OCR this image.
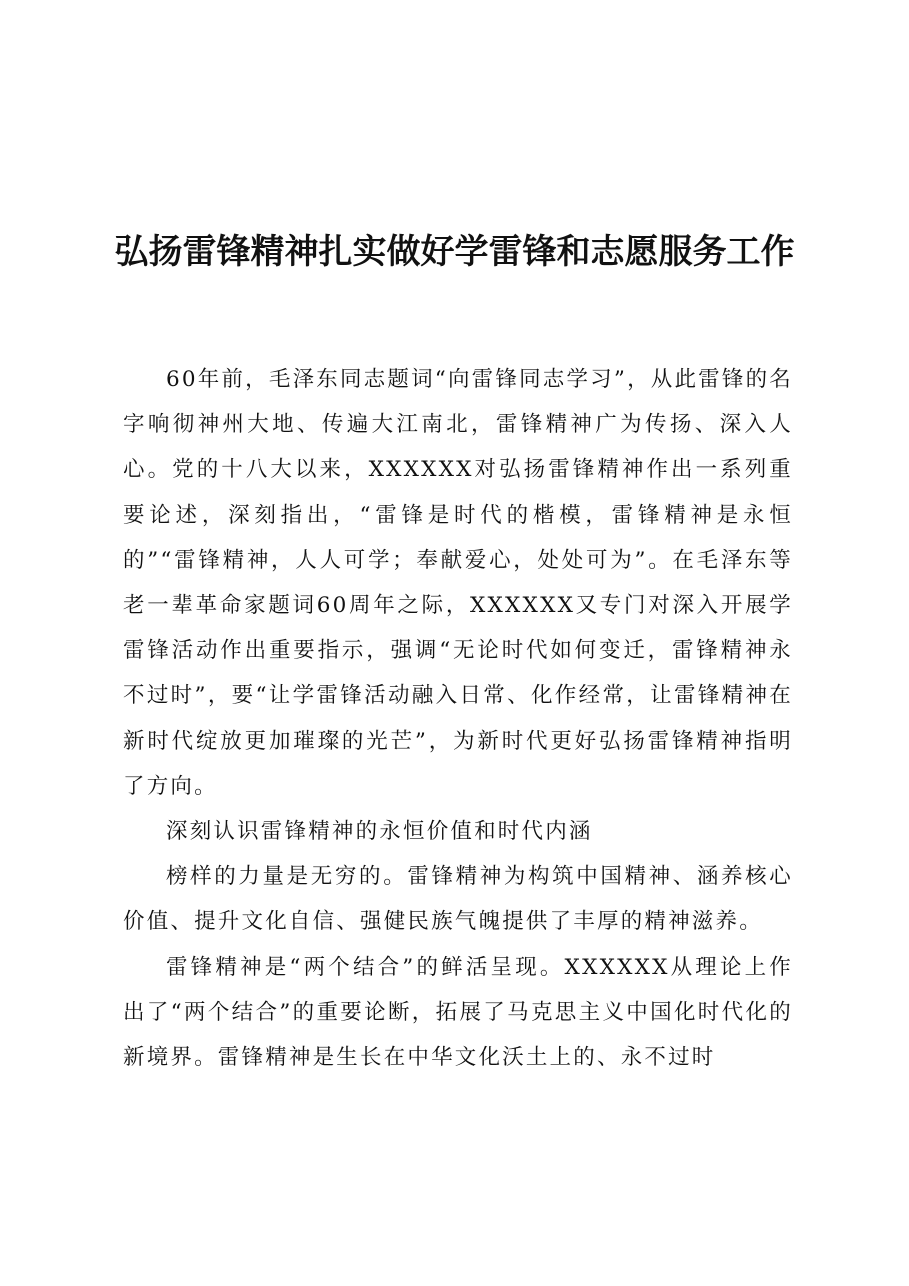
弘扬雷锋精神扎实做好学雷锋和志愿服务工作

60年前，毛泽东同志题词“向雷锋同志学习”，从此雷锋的名字响彻神州大地、传遍大江南北，雷锋精神广为传扬、深入人心。党的十八大以来，XXXXXX对弘扬雷锋精神作出一系列重要论述，深刻指出，“雷锋是时代的楷模，雷锋精神是永恒的”“雷锋精神，人人可学；奉献爱心，处处可为”。在毛泽东等老一辈革命家题词60周年之际，XXXXXX又专门对深入开展学雷锋活动作出重要指示，强调“无论时代如何变迁，雷锋精神永不过时”，要“让学雷锋活动融入日常、化作经常，让雷锋精神在新时代绽放更加璀璨的光芒”，为新时代更好弘扬雷锋精神指明了方向。

深刻认识雷锋精神的永恒价值和时代内涵

榜样的力量是无穷的。雷锋精神为构筑中国精神、涵养核心价值、提升文化自信、强健民族气魄提供了丰厚的精神滋养。

雷锋精神是“两个结合”的鲜活呈现。XXXXXX从理论上作出了“两个结合”的重要论断，拓展了马克思主义中国化时代化的新境界。雷锋精神是生长在中华文化沃土上的、永不过时
